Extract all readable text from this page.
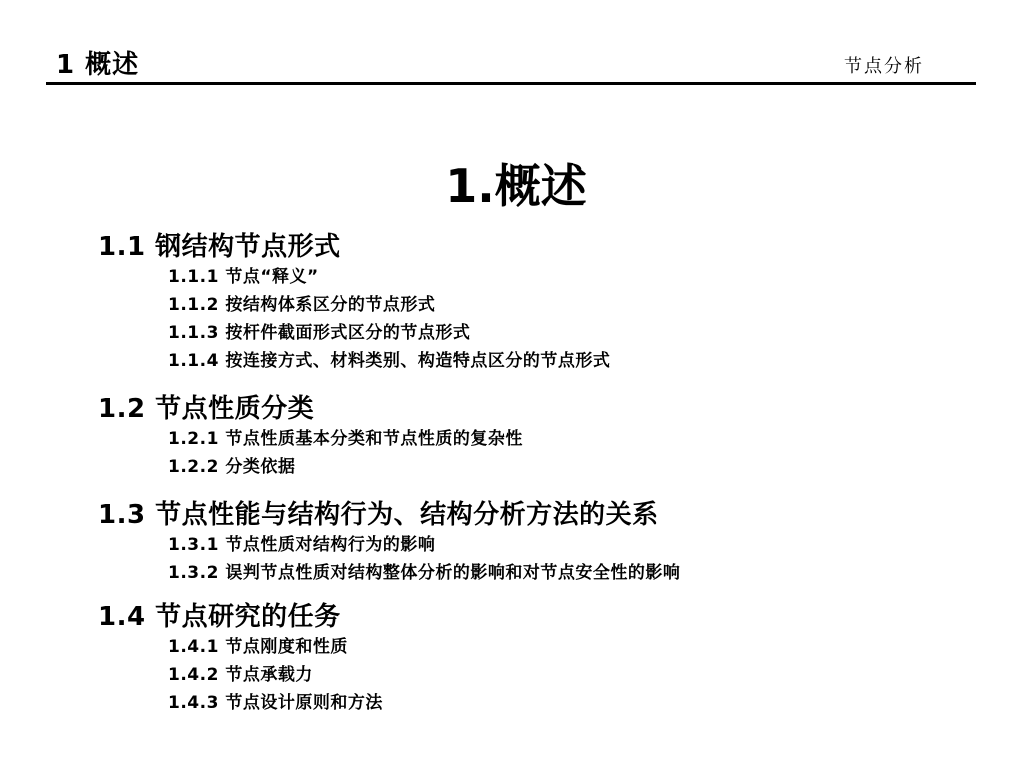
1 概述	节点分析
1.概述
1.1 钢结构节点形式
1.1.1 节点“释义”
1.1.2 按结构体系区分的节点形式
1.1.3 按杆件截面形式区分的节点形式
1.1.4 按连接方式、材料类别、构造特点区分的节点形式
1.2 节点性质分类
1.2.1 节点性质基本分类和节点性质的复杂性
1.2.2 分类依据
1.3 节点性能与结构行为、结构分析方法的关系
1.3.1 节点性质对结构行为的影响
1.3.2 误判节点性质对结构整体分析的影响和对节点安全性的影响
1.4 节点研究的任务
1.4.1 节点刚度和性质
1.4.2 节点承载力
1.4.3 节点设计原则和方法
